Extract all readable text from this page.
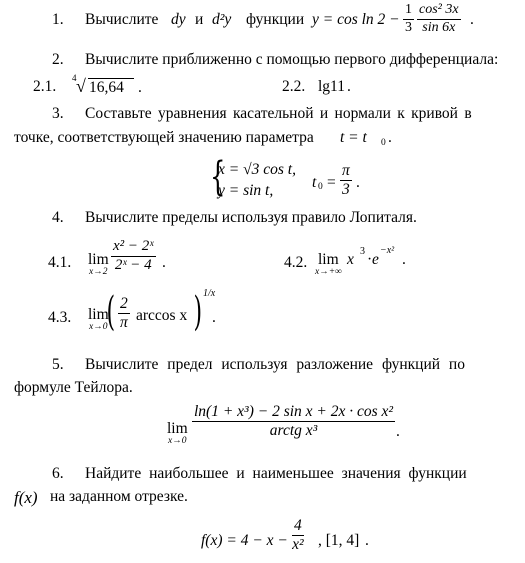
1. Вычислите dy и d²y функции $y = \cos \ln 2 - \frac{1}{3} \frac{\text{cos² 3x}}{\sin 6x}$ .
2. Вычислите приближенно с помощью первого дифференциала:
2.1. 4 √ 16,64 .	2.2. lg11 .
3. Составьте уравнения касательной и нормали к кривой в
точке, соответствующей значению параметра t = t 0 .
{
x = √3 cos t,
y = sin t,	t $0 = \frac{\pi}{3}$ .
4. Вычислите пределы используя правило Лопиталя.
4.1. lim
$x\to 2 \frac{\text{x² − 2ˣ}}{\text{2ˣ − 4}}$ .	4.2. lim
x→+∞
x 3 · e
−x²
.
4.3. lim
x→0 ( $\frac{2}{\pi}$ arccos x ) 1/x
.
5. Вычислите предел используя разложение функций по
формуле Тейлора.
lim
x→0
ln(1 + x³) − 2 sin x + 2x · cos x²
arctg x³	.
6. Найдите наибольшее и наименьшее значения функции
f(x) на заданном отрезке.
$f(x) = 4 - x - \frac{4}{\text{x²}}$ , [1, 4] .
